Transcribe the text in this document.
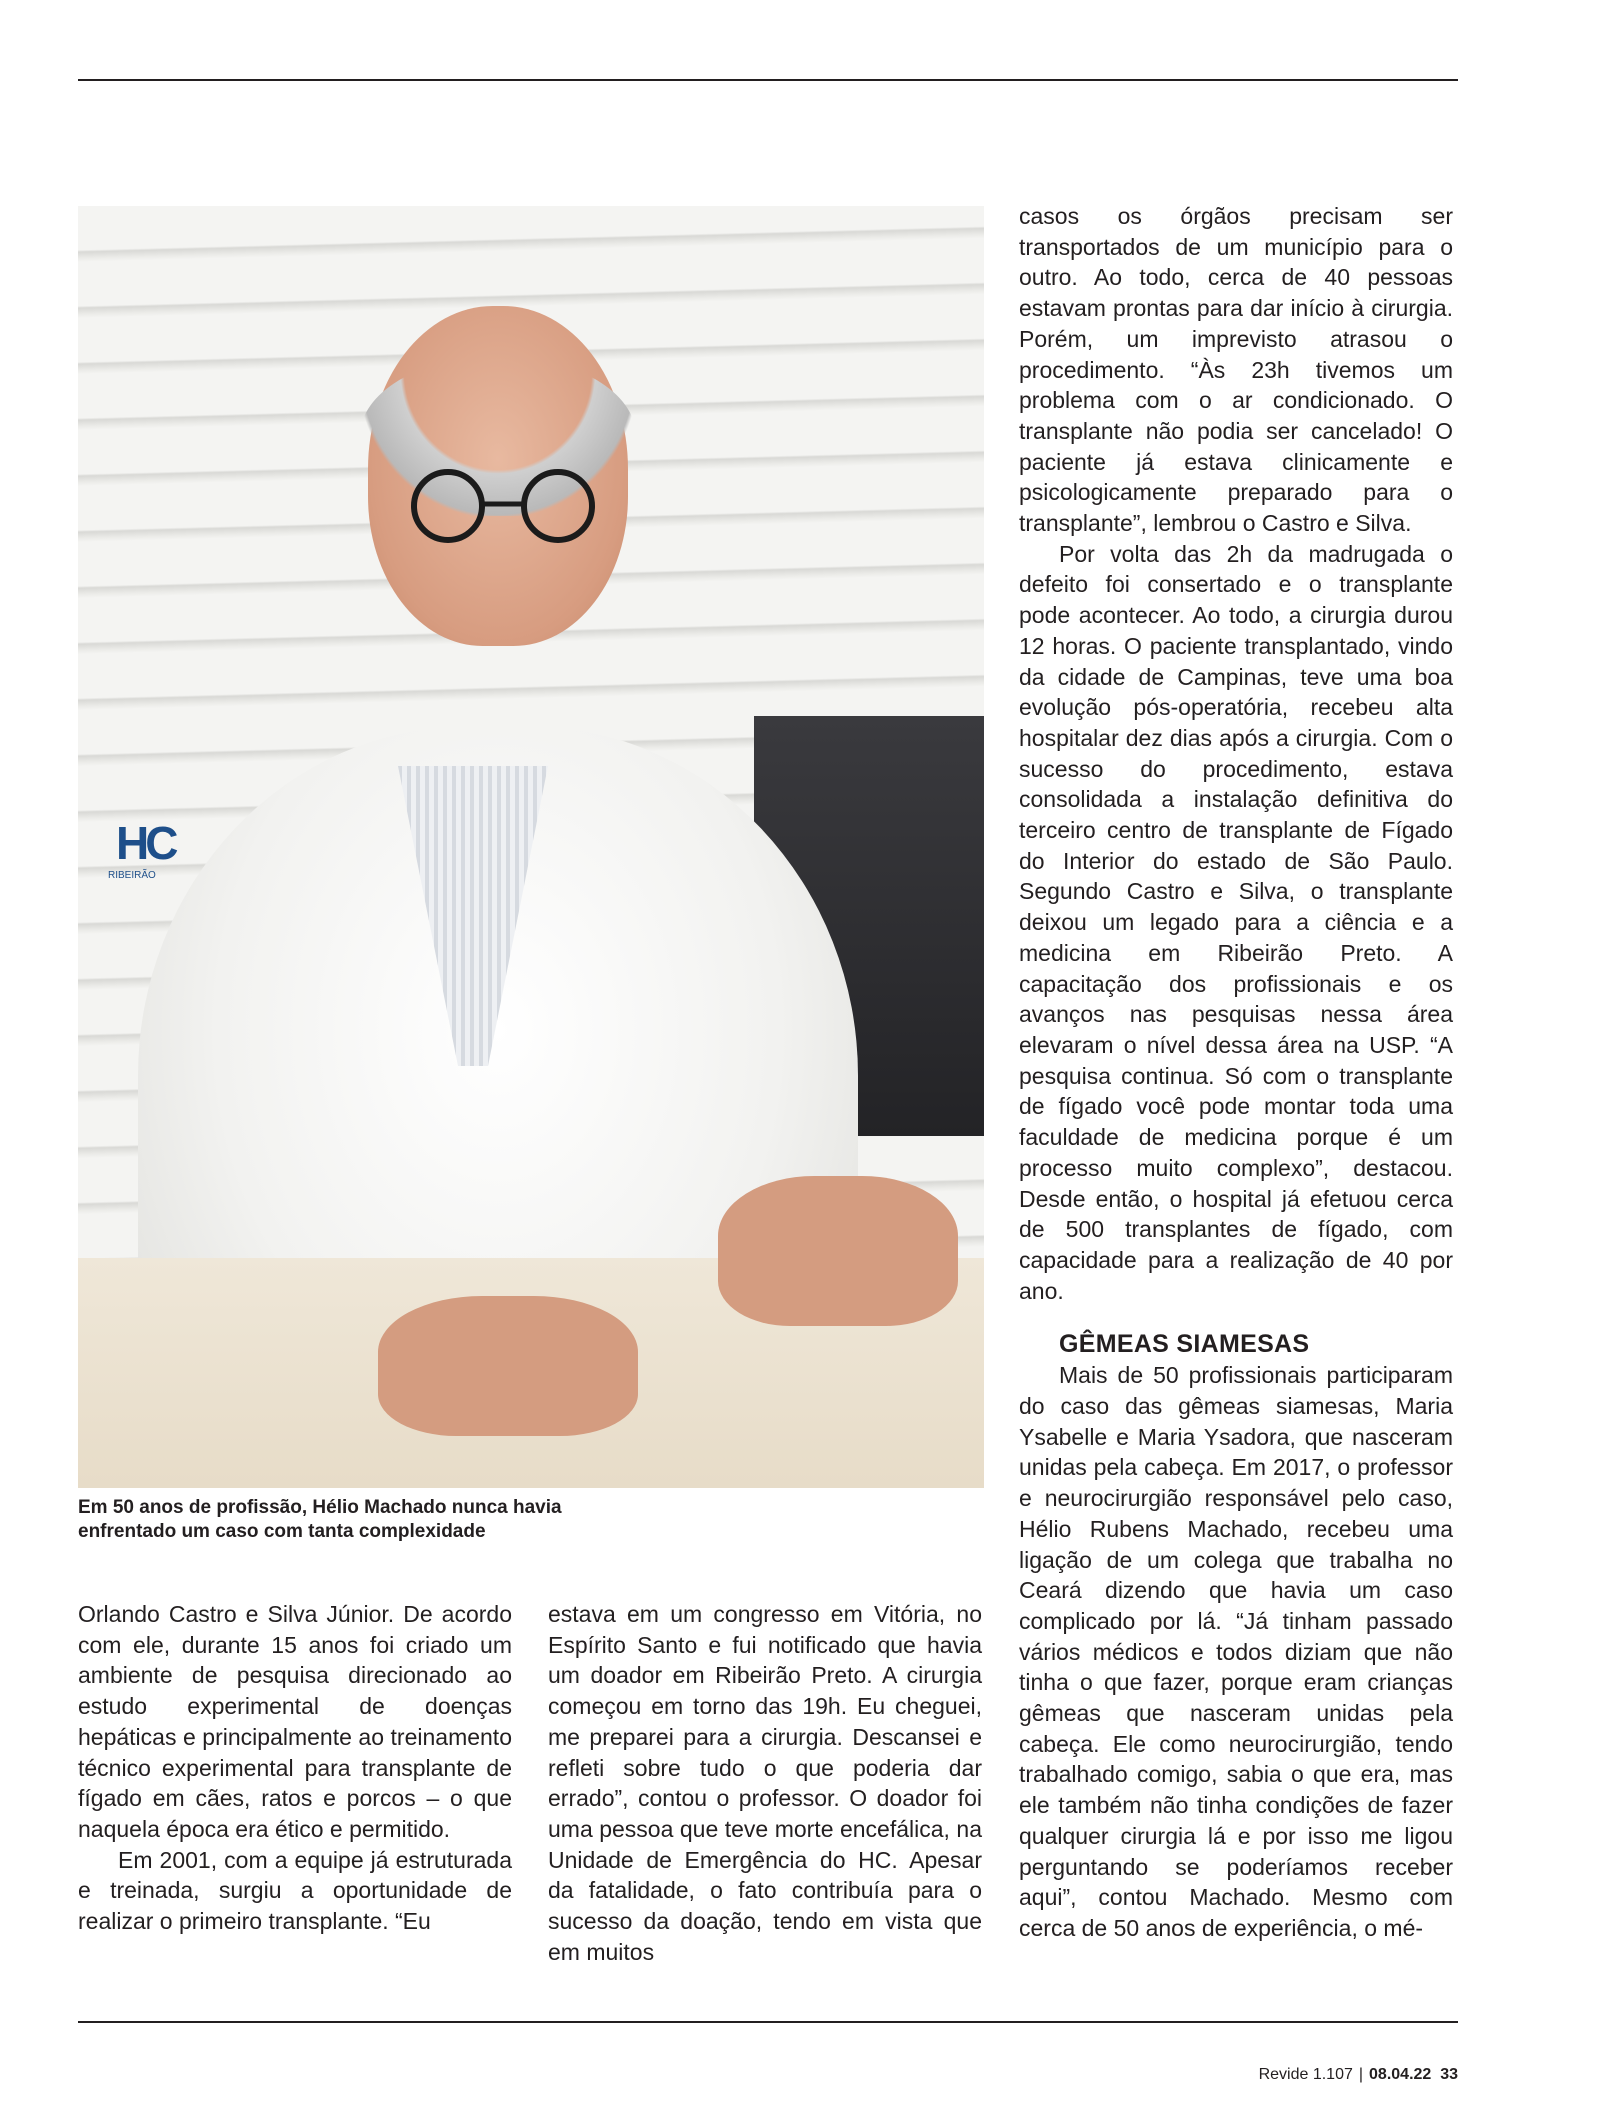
HC
RIBEIRÃO

Em 50 anos de profissão, Hélio Machado nunca havia

enfrentado um caso com tanta complexidade

Orlando Castro e Silva Júnior. De acordo com ele, durante 15 anos foi criado um ambiente de pesquisa direcionado ao estudo experimental de doenças hepáticas e principalmente ao treinamento técnico experimental para transplante de fígado em cães, ratos e porcos – o que naquela época era ético e permitido.

Em 2001, com a equipe já estruturada e treinada, surgiu a oportunidade de realizar o primeiro transplante. “Eu

estava em um congresso em Vitória, no Espírito Santo e fui notificado que havia um doador em Ribeirão Preto. A cirurgia começou em torno das 19h. Eu cheguei, me preparei para a cirurgia. Descansei e refleti sobre tudo o que poderia dar errado”, contou o professor. O doador foi uma pessoa que teve morte encefálica, na Unidade de Emergência do HC. Apesar da fatalidade, o fato contribuía para o sucesso da doação, tendo em vista que em muitos

casos os órgãos precisam ser transportados de um município para o outro. Ao todo, cerca de 40 pessoas estavam prontas para dar início à cirurgia. Porém, um imprevisto atrasou o procedimento. “Às 23h tivemos um problema com o ar condicionado. O transplante não podia ser cancelado! O paciente já estava clinicamente e psicologicamente preparado para o transplante”, lembrou o Castro e Silva.

Por volta das 2h da madrugada o defeito foi consertado e o transplante pode acontecer. Ao todo, a cirurgia durou 12 horas. O paciente transplantado, vindo da cidade de Campinas, teve uma boa evolução pós-operatória, recebeu alta hospitalar dez dias após a cirurgia. Com o sucesso do procedimento, estava consolidada a instalação definitiva do terceiro centro de transplante de Fígado do Interior do estado de São Paulo. Segundo Castro e Silva, o transplante deixou um legado para a ciência e a medicina em Ribeirão Preto. A capacitação dos profissionais e os avanços nas pesquisas nessa área elevaram o nível dessa área na USP. “A pesquisa continua. Só com o transplante de fígado você pode montar toda uma faculdade de medicina porque é um processo muito complexo”, destacou. Desde então, o hospital já efetuou cerca de 500 transplantes de fígado, com capacidade para a realização de 40 por ano.

GÊMEAS SIAMESAS

Mais de 50 profissionais participaram do caso das gêmeas siamesas, Maria Ysabelle e Maria Ysadora, que nasceram unidas pela cabeça. Em 2017, o professor e neurocirurgião responsável pelo caso, Hélio Rubens Machado, recebeu uma ligação de um colega que trabalha no Ceará dizendo que havia um caso complicado por lá. “Já tinham passado vários médicos e todos diziam que não tinha o que fazer, porque eram crianças gêmeas que nasceram unidas pela cabeça. Ele como neurocirurgião, tendo trabalhado comigo, sabia o que era, mas ele também não tinha condições de fazer qualquer cirurgia lá e por isso me ligou perguntando se poderíamos receber aqui”, contou Machado. Mesmo com cerca de 50 anos de experiência, o mé-

Revide 1.107 | 08.04.22 33
